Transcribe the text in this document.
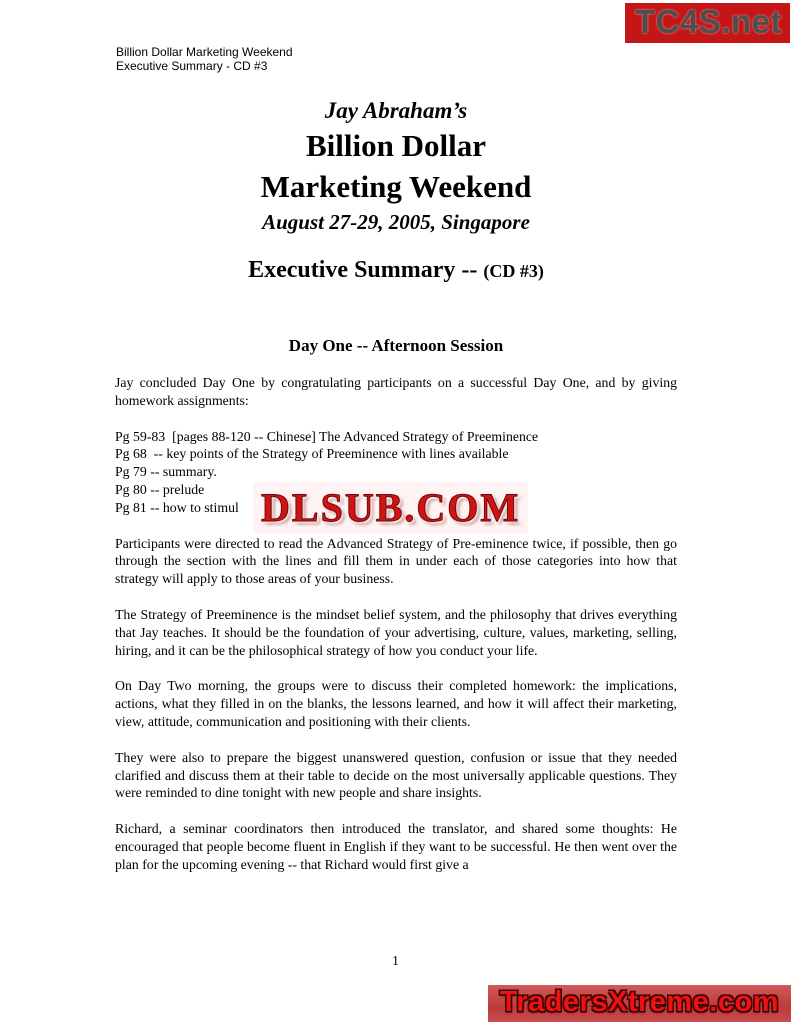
Billion Dollar Marketing Weekend
Executive Summary - CD #3
TC4S.net
Jay Abraham’s
Billion Dollar
Marketing Weekend
August 27-29, 2005, Singapore
Executive Summary -- (CD #3)
Day One -- Afternoon Session
Jay concluded Day One by congratulating participants on a successful Day One, and by giving homework assignments:
Pg 59-83  [pages 88-120 -- Chinese] The Advanced Strategy of Preeminence
Pg 68  -- key points of the Strategy of Preeminence with lines available
Pg 79 -- summary.
Pg 80 -- prelude
Pg 81 -- how to stimul
Participants were directed to read the Advanced Strategy of Pre-eminence twice, if possible, then go through the section with the lines and fill them in under each of those categories into how that strategy will apply to those areas of your business.
The Strategy of Preeminence is the mindset belief system, and the philosophy that drives everything that Jay teaches. It should be the foundation of your advertising, culture, values, marketing, selling, hiring, and it can be the philosophical strategy of how you conduct your life.
On Day Two morning, the groups were to discuss their completed homework: the implications, actions, what they filled in on the blanks, the lessons learned, and how it will affect their marketing, view, attitude, communication and positioning with their clients.
They were also to prepare the biggest unanswered question, confusion or issue that they needed clarified and discuss them at their table to decide on the most universally applicable questions. They were reminded to dine tonight with new people and share insights.
Richard, a seminar coordinators then introduced the translator, and shared some thoughts: He encouraged that people become fluent in English if they want to be successful. He then went over the plan for the upcoming evening -- that Richard would first give a
DLSUB.COM
1
TradersXtreme.com
